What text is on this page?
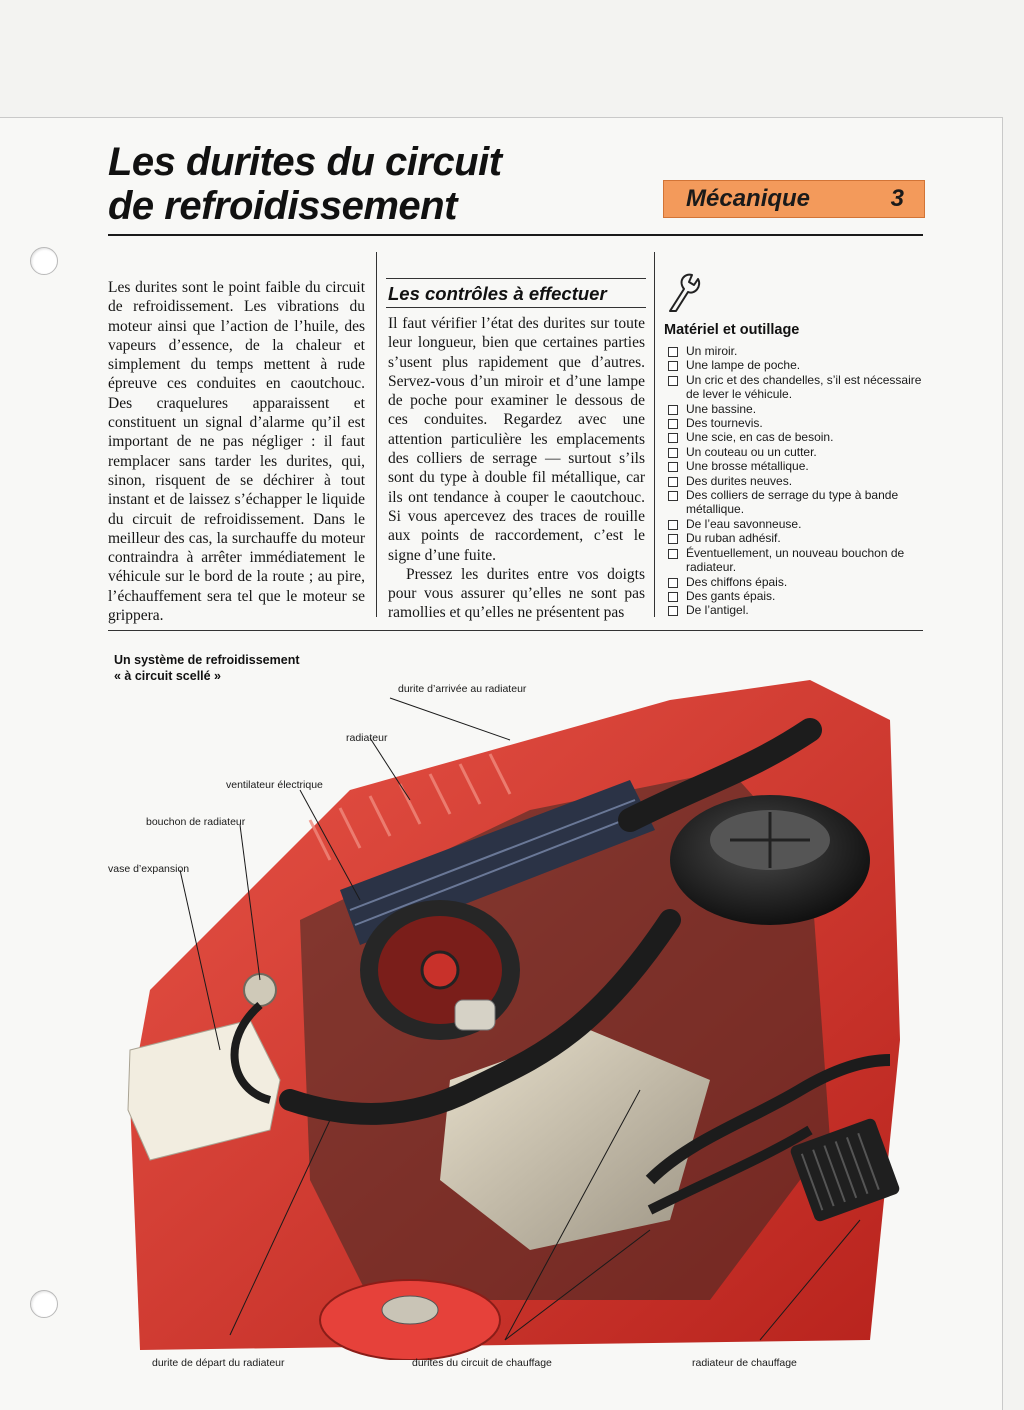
Les durites du circuit
de refroidissement	Mécanique	3

Les durites sont le point faible du circuit de refroidissement. Les vibrations du moteur ainsi que l’action de l’huile, des vapeurs d’essence, de la chaleur et simplement du temps mettent à rude épreuve ces conduites en caoutchouc. Des craquelures apparaissent et constituent un signal d’alarme qu’il est important de ne pas négliger : il faut remplacer sans tarder les durites, qui, sinon, risquent de se déchirer à tout instant et de laissez s’échapper le liquide du circuit de refroidissement. Dans le meilleur des cas, la surchauffe du moteur contraindra à arrêter immédiatement le véhicule sur le bord de la route ; au pire, l’échauffement sera tel que le moteur se grippera.

Les contrôles à effectuer

Il faut vérifier l’état des durites sur toute leur longueur, bien que certaines parties s’usent plus rapidement que d’autres. Servez-vous d’un miroir et d’une lampe de poche pour examiner le dessous de ces conduites. Regardez avec une attention particulière les emplacements des colliers de serrage — surtout s’ils sont du type à double fil métallique, car ils ont tendance à couper le caoutchouc. Si vous apercevez des traces de rouille aux points de raccordement, c’est le signe d’une fuite.

Pressez les durites entre vos doigts pour vous assurer qu’elles ne sont pas ramollies et qu’elles ne présentent pas

Matériel et outillage
Un miroir.
Une lampe de poche.
Un cric et des chandelles, s’il est nécessaire de lever le véhicule.
Une bassine.
Des tournevis.
Une scie, en cas de besoin.
Un couteau ou un cutter.
Une brosse métallique.
Des durites neuves.
Des colliers de serrage du type à bande métallique.
De l’eau savonneuse.
Du ruban adhésif.
Éventuellement, un nouveau bouchon de radiateur.
Des chiffons épais.
Des gants épais.
De l’antigel.
Un système de refroidissement
« à circuit scellé »
durite d’arrivée au radiateur
radiateur
ventilateur électrique
bouchon de radiateur
vase d’expansion
durite de départ du radiateur	durites du circuit de chauffage	radiateur de chauffage
